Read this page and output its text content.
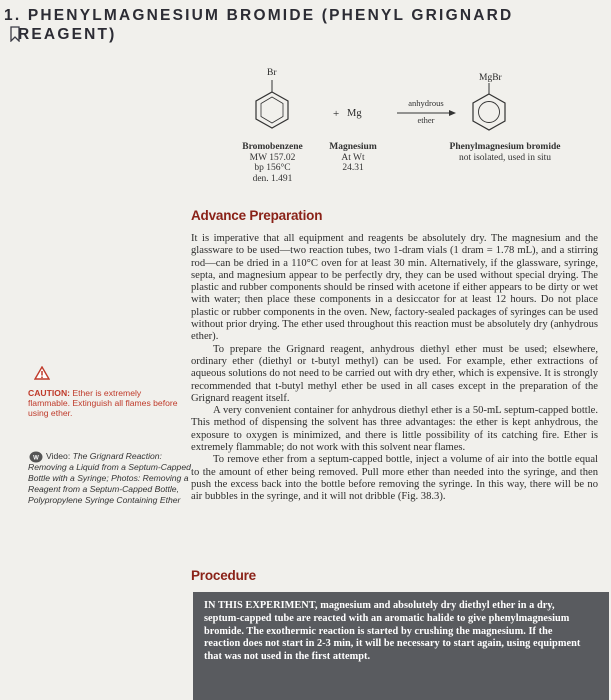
1. PHENYLMAGNESIUM BROMIDE (PHENYL GRIGNARD
REAGENT)
Br
Bromobenzene
MW 157.02
bp 156°C
den. 1.491
+ Mg
Magnesium
At Wt
24.31
anhydrous
ether
MgBr
Phenylmagnesium bromide
not isolated, used in situ
Advance Preparation

It is imperative that all equipment and reagents be absolutely dry. The magnesium and the glassware to be used—two reaction tubes, two 1-dram vials (1 dram = 1.78 mL), and a stirring rod—can be dried in a 110°C oven for at least 30 min. Alternatively, if the glassware, syringe, septa, and magnesium appear to be perfectly dry, they can be used without special drying. The plastic and rubber components should be rinsed with acetone if either appears to be dirty or wet with water; then place these components in a desiccator for at least 12 hours. Do not place plastic or rubber components in the oven. New, factory-sealed packages of syringes can be used without prior drying. The ether used throughout this reaction must be absolutely dry (anhydrous ether).

To prepare the Grignard reagent, anhydrous diethyl ether must be used; elsewhere, ordinary ether (diethyl or t-butyl methyl) can be used. For example, ether extractions of aqueous solutions do not need to be carried out with dry ether, which is expensive. It is strongly recommended that t-butyl methyl ether be used in all cases except in the preparation of the Grignard reagent itself.

A very convenient container for anhydrous diethyl ether is a 50-mL septum-capped bottle. This method of dispensing the solvent has three advantages: the ether is kept anhydrous, the exposure to oxygen is minimized, and there is little possibility of its catching fire. Ether is extremely flammable; do not work with this solvent near flames.

To remove ether from a septum-capped bottle, inject a volume of air into the bottle equal to the amount of ether being removed. Pull more ether than needed into the syringe, and then push the excess back into the bottle before removing the syringe. In this way, there will be no air bubbles in the syringe, and it will not dribble (Fig. 38.3).

CAUTION: Ether is extremely flammable. Extinguish all flames before using ether.
W Video: The Grignard Reaction: Removing a Liquid from a Septum-Capped Bottle with a Syringe; Photos: Removing a Reagent from a Septum-Capped Bottle, Polypropylene Syringe Containing Ether
Procedure
IN THIS EXPERIMENT, magnesium and absolutely dry diethyl ether in a dry, septum-capped tube are reacted with an aromatic halide to give phenylmagnesium bromide. The exothermic reaction is started by crushing the magnesium. If the reaction does not start in 2-3 min, it will be necessary to start again, using equipment that was not used in the first attempt.
